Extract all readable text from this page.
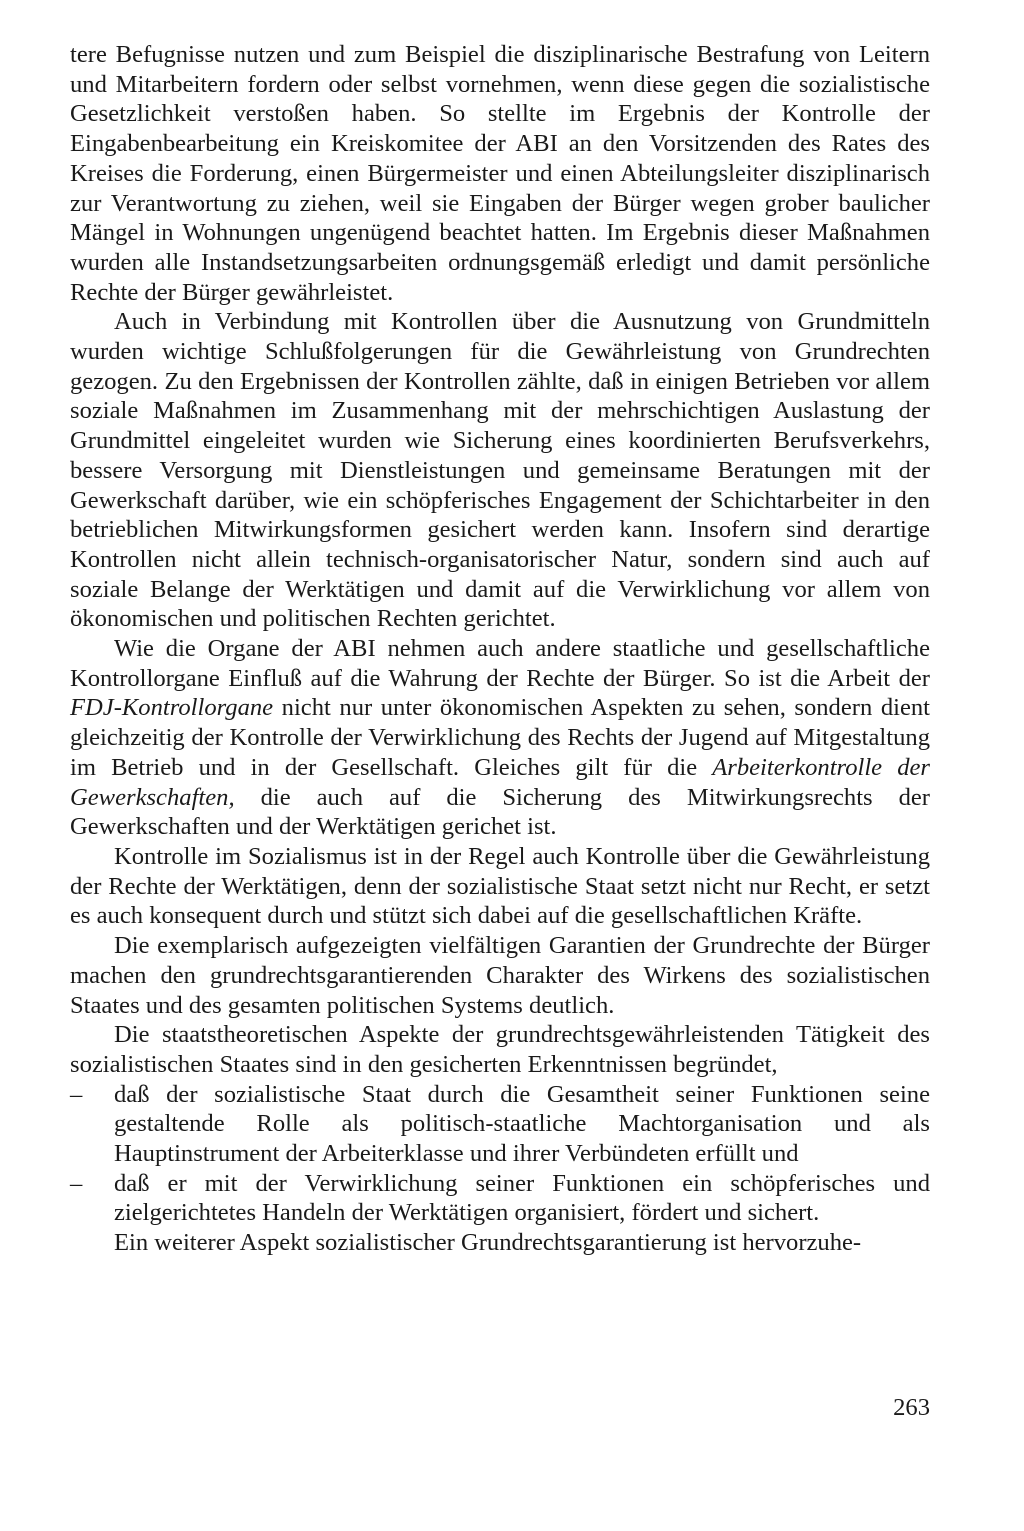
tere Befugnisse nutzen und zum Beispiel die disziplinarische Bestrafung von Leitern und Mitarbeitern fordern oder selbst vornehmen, wenn diese gegen die sozialistische Gesetzlichkeit verstoßen haben. So stellte im Ergebnis der Kontrolle der Eingabenbearbeitung ein Kreiskomitee der ABI an den Vorsitzenden des Rates des Kreises die Forderung, einen Bürgermeister und einen Abteilungsleiter disziplinarisch zur Verantwortung zu ziehen, weil sie Eingaben der Bürger wegen grober baulicher Mängel in Wohnungen ungenügend beachtet hatten. Im Ergebnis dieser Maßnahmen wurden alle Instandsetzungsarbeiten ordnungsgemäß erledigt und damit persönliche Rechte der Bürger gewährleistet.

Auch in Verbindung mit Kontrollen über die Ausnutzung von Grundmitteln wurden wichtige Schlußfolgerungen für die Gewährleistung von Grundrechten gezogen. Zu den Ergebnissen der Kontrollen zählte, daß in einigen Betrieben vor allem soziale Maßnahmen im Zusammenhang mit der mehrschichtigen Auslastung der Grundmittel eingeleitet wurden wie Sicherung eines koordinierten Berufsverkehrs, bessere Versorgung mit Dienstleistungen und gemeinsame Beratungen mit der Gewerkschaft darüber, wie ein schöpferisches Engagement der Schichtarbeiter in den betrieblichen Mitwirkungsformen gesichert werden kann. Insofern sind derartige Kontrollen nicht allein technisch-organisatorischer Natur, sondern sind auch auf soziale Belange der Werktätigen und damit auf die Verwirklichung vor allem von ökonomischen und politischen Rechten gerichtet.

Wie die Organe der ABI nehmen auch andere staatliche und gesellschaftliche Kontrollorgane Einfluß auf die Wahrung der Rechte der Bürger. So ist die Arbeit der FDJ-Kontrollorgane nicht nur unter ökonomischen Aspekten zu sehen, sondern dient gleichzeitig der Kontrolle der Verwirklichung des Rechts der Jugend auf Mitgestaltung im Betrieb und in der Gesellschaft. Gleiches gilt für die Arbeiterkontrolle der Gewerkschaften, die auch auf die Sicherung des Mitwirkungsrechts der Gewerkschaften und der Werktätigen gerichet ist.

Kontrolle im Sozialismus ist in der Regel auch Kontrolle über die Gewährleistung der Rechte der Werktätigen, denn der sozialistische Staat setzt nicht nur Recht, er setzt es auch konsequent durch und stützt sich dabei auf die gesellschaftlichen Kräfte.

Die exemplarisch aufgezeigten vielfältigen Garantien der Grundrechte der Bürger machen den grundrechtsgarantierenden Charakter des Wirkens des sozialistischen Staates und des gesamten politischen Systems deutlich.

Die staatstheoretischen Aspekte der grundrechtsgewährleistenden Tätigkeit des sozialistischen Staates sind in den gesicherten Erkenntnissen begründet,

– daß der sozialistische Staat durch die Gesamtheit seiner Funktionen seine gestaltende Rolle als politisch-staatliche Machtorganisation und als Hauptinstrument der Arbeiterklasse und ihrer Verbündeten erfüllt und
– daß er mit der Verwirklichung seiner Funktionen ein schöpferisches und zielgerichtetes Handeln der Werktätigen organisiert, fördert und sichert.

Ein weiterer Aspekt sozialistischer Grundrechtsgarantierung ist hervorzuhe-

263
